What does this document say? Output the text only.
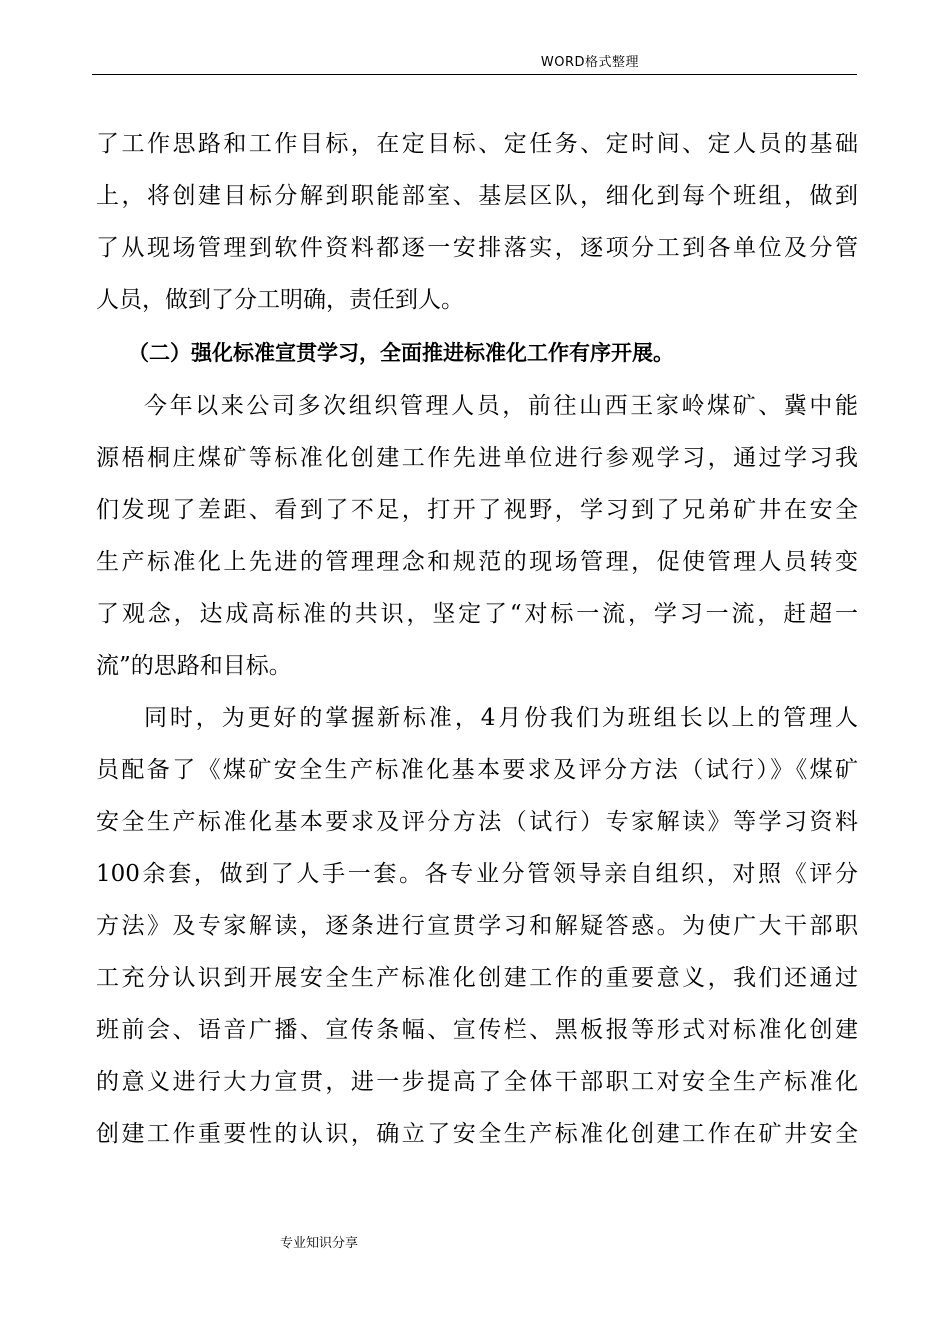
WORD格式整理
了工作思路和工作目标，在定目标、定任务、定时间、定人员的基础
上，将创建目标分解到职能部室、基层区队，细化到每个班组，做到
了从现场管理到软件资料都逐一安排落实，逐项分工到各单位及分管
人员，做到了分工明确，责任到人。
（二）强化标准宣贯学习，全面推进标准化工作有序开展。
今年以来公司多次组织管理人员，前往山西王家岭煤矿、冀中能
源梧桐庄煤矿等标准化创建工作先进单位进行参观学习，通过学习我
们发现了差距、看到了不足，打开了视野，学习到了兄弟矿井在安全
生产标准化上先进的管理理念和规范的现场管理，促使管理人员转变
了观念，达成高标准的共识，坚定了“对标一流，学习一流，赶超一
流”的思路和目标。
同时，为更好的掌握新标准，4月份我们为班组长以上的管理人
员配备了《煤矿安全生产标准化基本要求及评分方法（试行）》《煤矿
安全生产标准化基本要求及评分方法（试行）专家解读》等学习资料
100余套，做到了人手一套。各专业分管领导亲自组织，对照《评分
方法》及专家解读，逐条进行宣贯学习和解疑答惑。为使广大干部职
工充分认识到开展安全生产标准化创建工作的重要意义，我们还通过
班前会、语音广播、宣传条幅、宣传栏、黑板报等形式对标准化创建
的意义进行大力宣贯，进一步提高了全体干部职工对安全生产标准化
创建工作重要性的认识，确立了安全生产标准化创建工作在矿井安全
专业知识分享
